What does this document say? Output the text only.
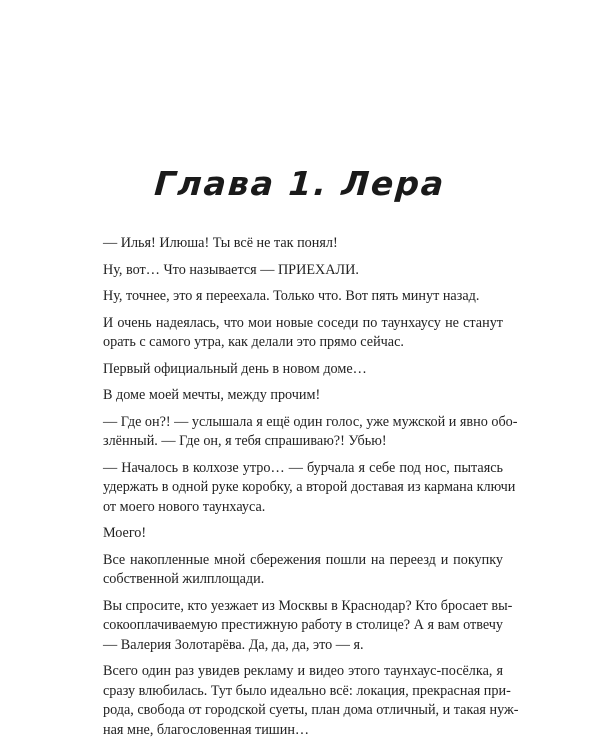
Глава 1. Лера

— Илья! Илюша! Ты всё не так понял!

Ну, вот… Что называется — ПРИЕХАЛИ.

Ну, точнее, это я переехала. Только что. Вот пять минут назад.

И очень надеялась, что мои новые соседи по таунхаусу не станут
орать с самого утра, как делали это прямо сейчас.

Первый официальный день в новом доме…

В доме моей мечты, между прочим!

— Где он?! — услышала я ещё один голос, уже мужской и явно обо-
злённый. — Где он, я тебя спрашиваю?! Убью!

— Началось в колхозе утро… — бурчала я себе под нос, пытаясь
удержать в одной руке коробку, а второй доставая из кармана ключи
от моего нового таунхауса.

Моего!

Все накопленные мной сбережения пошли на переезд и покупку
собственной жилплощади.

Вы спросите, кто уезжает из Москвы в Краснодар? Кто бросает вы-
сокооплачиваемую престижную работу в столице? А я вам отвечу
— Валерия Золотарёва. Да, да, да, это — я.

Всего один раз увидев рекламу и видео этого таунхаус-посёлка, я
сразу влюбилась. Тут было идеально всё: локация, прекрасная при-
рода, свобода от городской суеты, план дома отличный, и такая нуж-
ная мне, благословенная тишин…
